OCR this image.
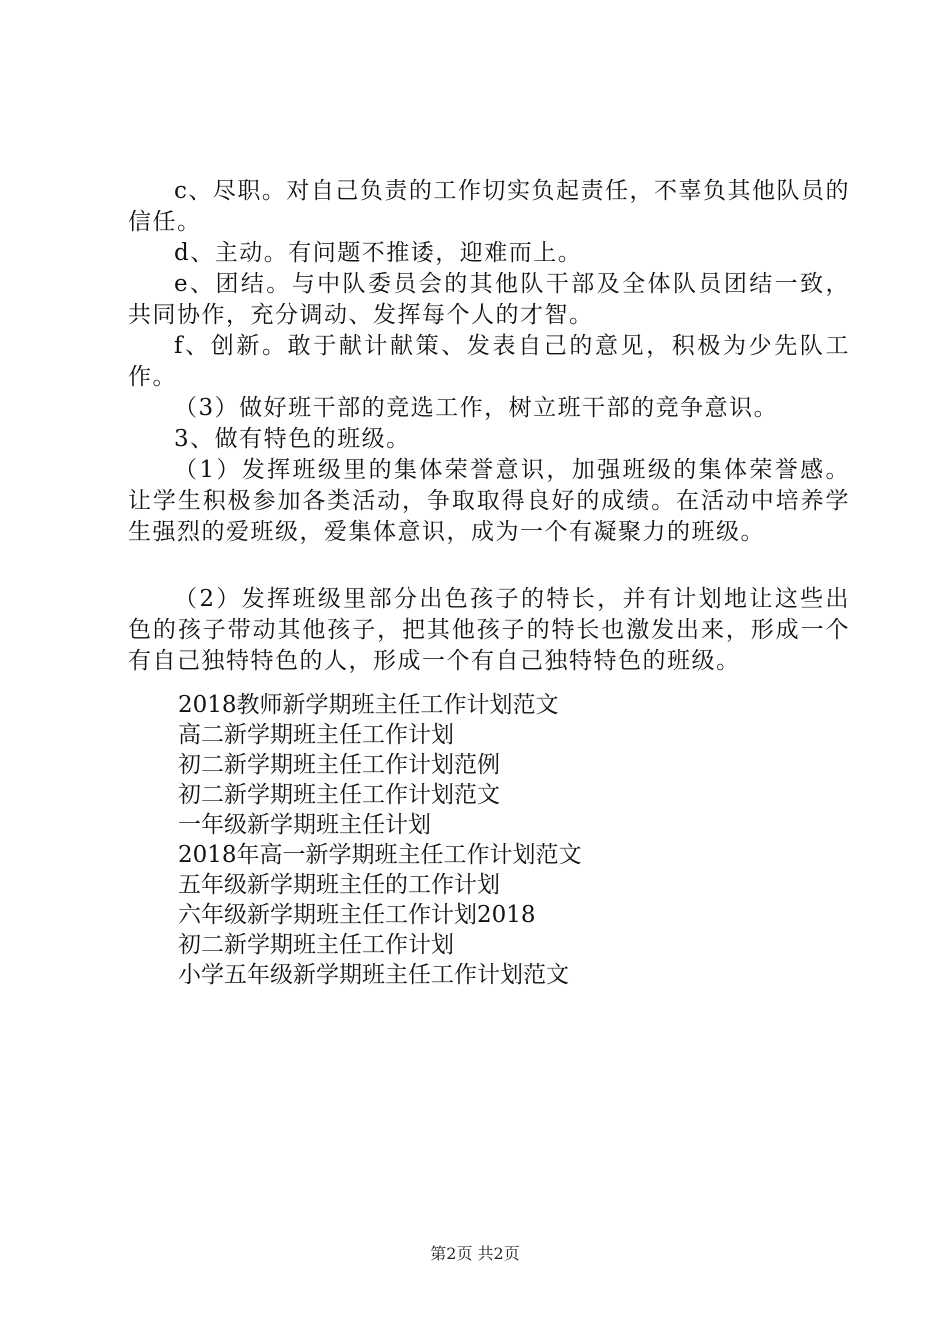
c、尽职。对自己负责的工作切实负起责任，不辜负其他队员的信任。

d、主动。有问题不推诿，迎难而上。

e、团结。与中队委员会的其他队干部及全体队员团结一致，共同协作，充分调动、发挥每个人的才智。

f、创新。敢于献计献策、发表自己的意见，积极为少先队工作。

（3）做好班干部的竞选工作，树立班干部的竞争意识。

3、做有特色的班级。

（1）发挥班级里的集体荣誉意识，加强班级的集体荣誉感。让学生积极参加各类活动，争取取得良好的成绩。在活动中培养学生强烈的爱班级，爱集体意识，成为一个有凝聚力的班级。

（2）发挥班级里部分出色孩子的特长，并有计划地让这些出色的孩子带动其他孩子，把其他孩子的特长也激发出来，形成一个有自己独特特色的人，形成一个有自己独特特色的班级。

2018教师新学期班主任工作计划范文

高二新学期班主任工作计划

初二新学期班主任工作计划范例

初二新学期班主任工作计划范文

一年级新学期班主任计划

2018年高一新学期班主任工作计划范文

五年级新学期班主任的工作计划

六年级新学期班主任工作计划2018

初二新学期班主任工作计划

小学五年级新学期班主任工作计划范文

第2页 共2页
